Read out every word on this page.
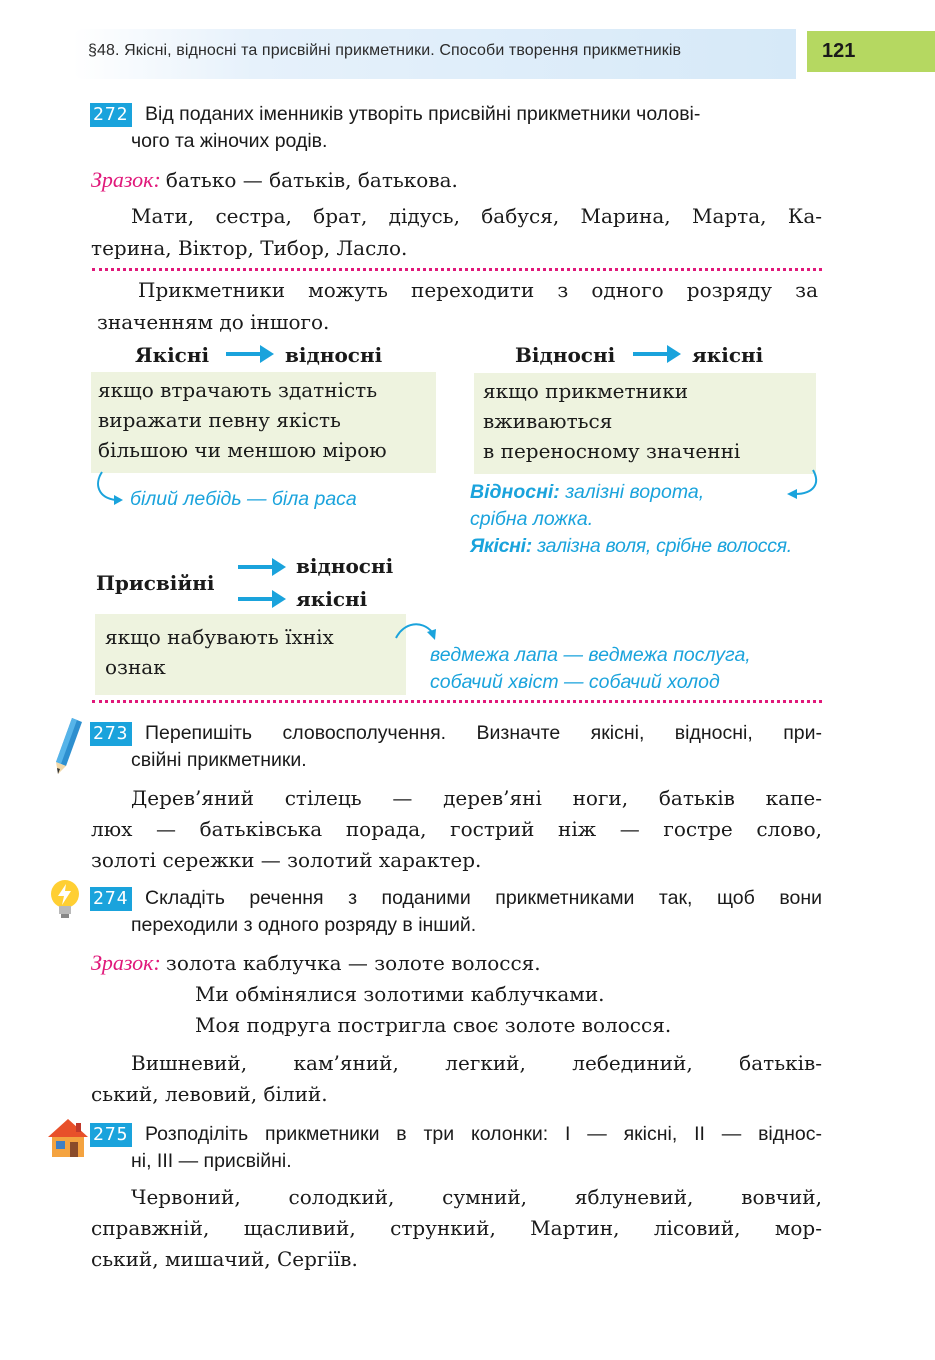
§48. Якісні, відносні та присвійні прикметники. Способи творення прикметників	121
272 Від поданих іменників утворіть присвійні прикметники чолові-
чого та жіночих родів.
Зразок: батько — батьків, батькова.
Мати, сестра, брат, дідусь, бабуся, Марина, Марта, Ка-
терина, Віктор, Тибор, Ласло.
Прикметники можуть переходити з одного розряду за
значенням до іншого.
Якісні	відносні
якщо втрачають здатність
виражати певну якість
більшою чи меншою мірою
білий лебідь — біла раса
Відносні	якісні
якщо прикметники
вживаються
в переносному значенні
Відносні: залізні ворота,
срібна ложка.
Якісні: залізна воля, срібне волосся.
Присвійні
відносні
якісні
якщо набувають їхніх
ознак	ведмежа лапа — ведмежа послуга,
собачий хвіст — собачий холод
273 Перепишіть словосполучення. Визначте якісні, відносні, при-
свійні прикметники.
Дерев’яний стілець — дерев’яні ноги, батьків капе-
люх — батьківська порада, гострий ніж — гостре слово,
золоті сережки — золотий характер.
274 Складіть речення з поданими прикметниками так, щоб вони
переходили з одного розряду в інший.
Зразок: золота каблучка — золоте волосся.
Ми обмінялися золотими каблучками.
Моя подруга постригла своє золоте волосся.
Вишневий, кам’яний, легкий, лебединий, батьків-
ський, левовий, білий.
275 Розподіліть прикметники в три колонки: І — якісні, ІІ — віднос-
ні, ІІІ — присвійні.
Червоний, солодкий, сумний, яблуневий, вовчий,
справжній, щасливий, стрункий, Мартин, лісовий, мор-
ський, мишачий, Сергіїв.
